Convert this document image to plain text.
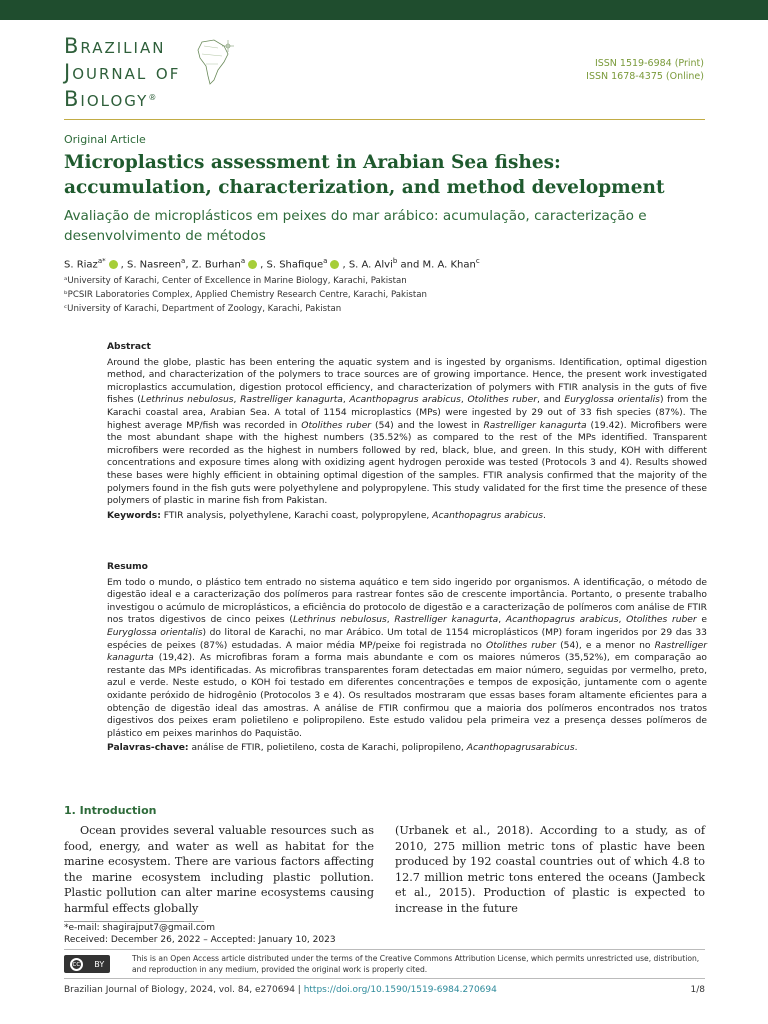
Brazilian
Journal of
Biology®
ISSN 1519-6984 (Print)
ISSN 1678-4375 (Online)
Original Article
Microplastics assessment in Arabian Sea fishes: accumulation, characterization, and method development
Avaliação de microplásticos em peixes do mar arábico: acumulação, caracterização e desenvolvimento de métodos
S. Riaz$^{a*}$ , S. Nasreen$^a$, Z. Burhan$^a$ , S. Shafique$^a$ , S. A. Alvi$^b$ and M. A. Khan$^c$
ᵃUniversity of Karachi, Center of Excellence in Marine Biology, Karachi, Pakistan
ᵇPCSIR Laboratories Complex, Applied Chemistry Research Centre, Karachi, Pakistan
ᶜUniversity of Karachi, Department of Zoology, Karachi, Pakistan
Abstract
Around the globe, plastic has been entering the aquatic system and is ingested by organisms. Identification, optimal digestion method, and characterization of the polymers to trace sources are of growing importance. Hence, the present work investigated microplastics accumulation, digestion protocol efficiency, and characterization of polymers with FTIR analysis in the guts of five fishes (Lethrinus nebulosus, Rastrelliger kanagurta, Acanthopagrus arabicus, Otolithes ruber, and Euryglossa orientalis) from the Karachi coastal area, Arabian Sea. A total of 1154 microplastics (MPs) were ingested by 29 out of 33 fish species (87%). The highest average MP/fish was recorded in Otolithes ruber (54) and the lowest in Rastrelliger kanagurta (19.42). Microfibers were the most abundant shape with the highest numbers (35.52%) as compared to the rest of the MPs identified. Transparent microfibers were recorded as the highest in numbers followed by red, black, blue, and green. In this study, KOH with different concentrations and exposure times along with oxidizing agent hydrogen peroxide was tested (Protocols 3 and 4). Results showed these bases were highly efficient in obtaining optimal digestion of the samples. FTIR analysis confirmed that the majority of the polymers found in the fish guts were polyethylene and polypropylene. This study validated for the first time the presence of these polymers of plastic in marine fish from Pakistan.
Keywords: FTIR analysis, polyethylene, Karachi coast, polypropylene, Acanthopagrus arabicus.
Resumo
Em todo o mundo, o plástico tem entrado no sistema aquático e tem sido ingerido por organismos. A identificação, o método de digestão ideal e a caracterização dos polímeros para rastrear fontes são de crescente importância. Portanto, o presente trabalho investigou o acúmulo de microplásticos, a eficiência do protocolo de digestão e a caracterização de polímeros com análise de FTIR nos tratos digestivos de cinco peixes (Lethrinus nebulosus, Rastrelliger kanagurta, Acanthopagrus arabicus, Otolithes ruber e Euryglossa orientalis) do litoral de Karachi, no mar Arábico. Um total de 1154 microplásticos (MP) foram ingeridos por 29 das 33 espécies de peixes (87%) estudadas. A maior média MP/peixe foi registrada no Otolithes ruber (54), e a menor no Rastrelliger kanagurta (19,42). As microfibras foram a forma mais abundante e com os maiores números (35,52%), em comparação ao restante das MPs identificadas. As microfibras transparentes foram detectadas em maior número, seguidas por vermelho, preto, azul e verde. Neste estudo, o KOH foi testado em diferentes concentrações e tempos de exposição, juntamente com o agente oxidante peróxido de hidrogênio (Protocolos 3 e 4). Os resultados mostraram que essas bases foram altamente eficientes para a obtenção de digestão ideal das amostras. A análise de FTIR confirmou que a maioria dos polímeros encontrados nos tratos digestivos dos peixes eram polietileno e polipropileno. Este estudo validou pela primeira vez a presença desses polímeros de plástico em peixes marinhos do Paquistão.
Palavras-chave: análise de FTIR, polietileno, costa de Karachi, polipropileno, Acanthopagrusarabicus.
1. Introduction

Ocean provides several valuable resources such as food, energy, and water as well as habitat for the marine ecosystem. There are various factors affecting the marine ecosystem including plastic pollution. Plastic pollution can alter marine ecosystems causing harmful effects globally

(Urbanek et al., 2018). According to a study, as of 2010, 275 million metric tons of plastic have been produced by 192 coastal countries out of which 4.8 to 12.7 million metric tons entered the oceans (Jambeck et al., 2015). Production of plastic is expected to increase in the future

*e-mail: shagirajput7@gmail.com
Received: December 26, 2022 – Accepted: January 10, 2023
cc	BY
This is an Open Access article distributed under the terms of the Creative Commons Attribution License, which permits unrestricted use, distribution, and reproduction in any medium, provided the original work is properly cited.
Brazilian Journal of Biology, 2024, vol. 84, e270694 | https://doi.org/10.1590/1519-6984.270694	1/8
